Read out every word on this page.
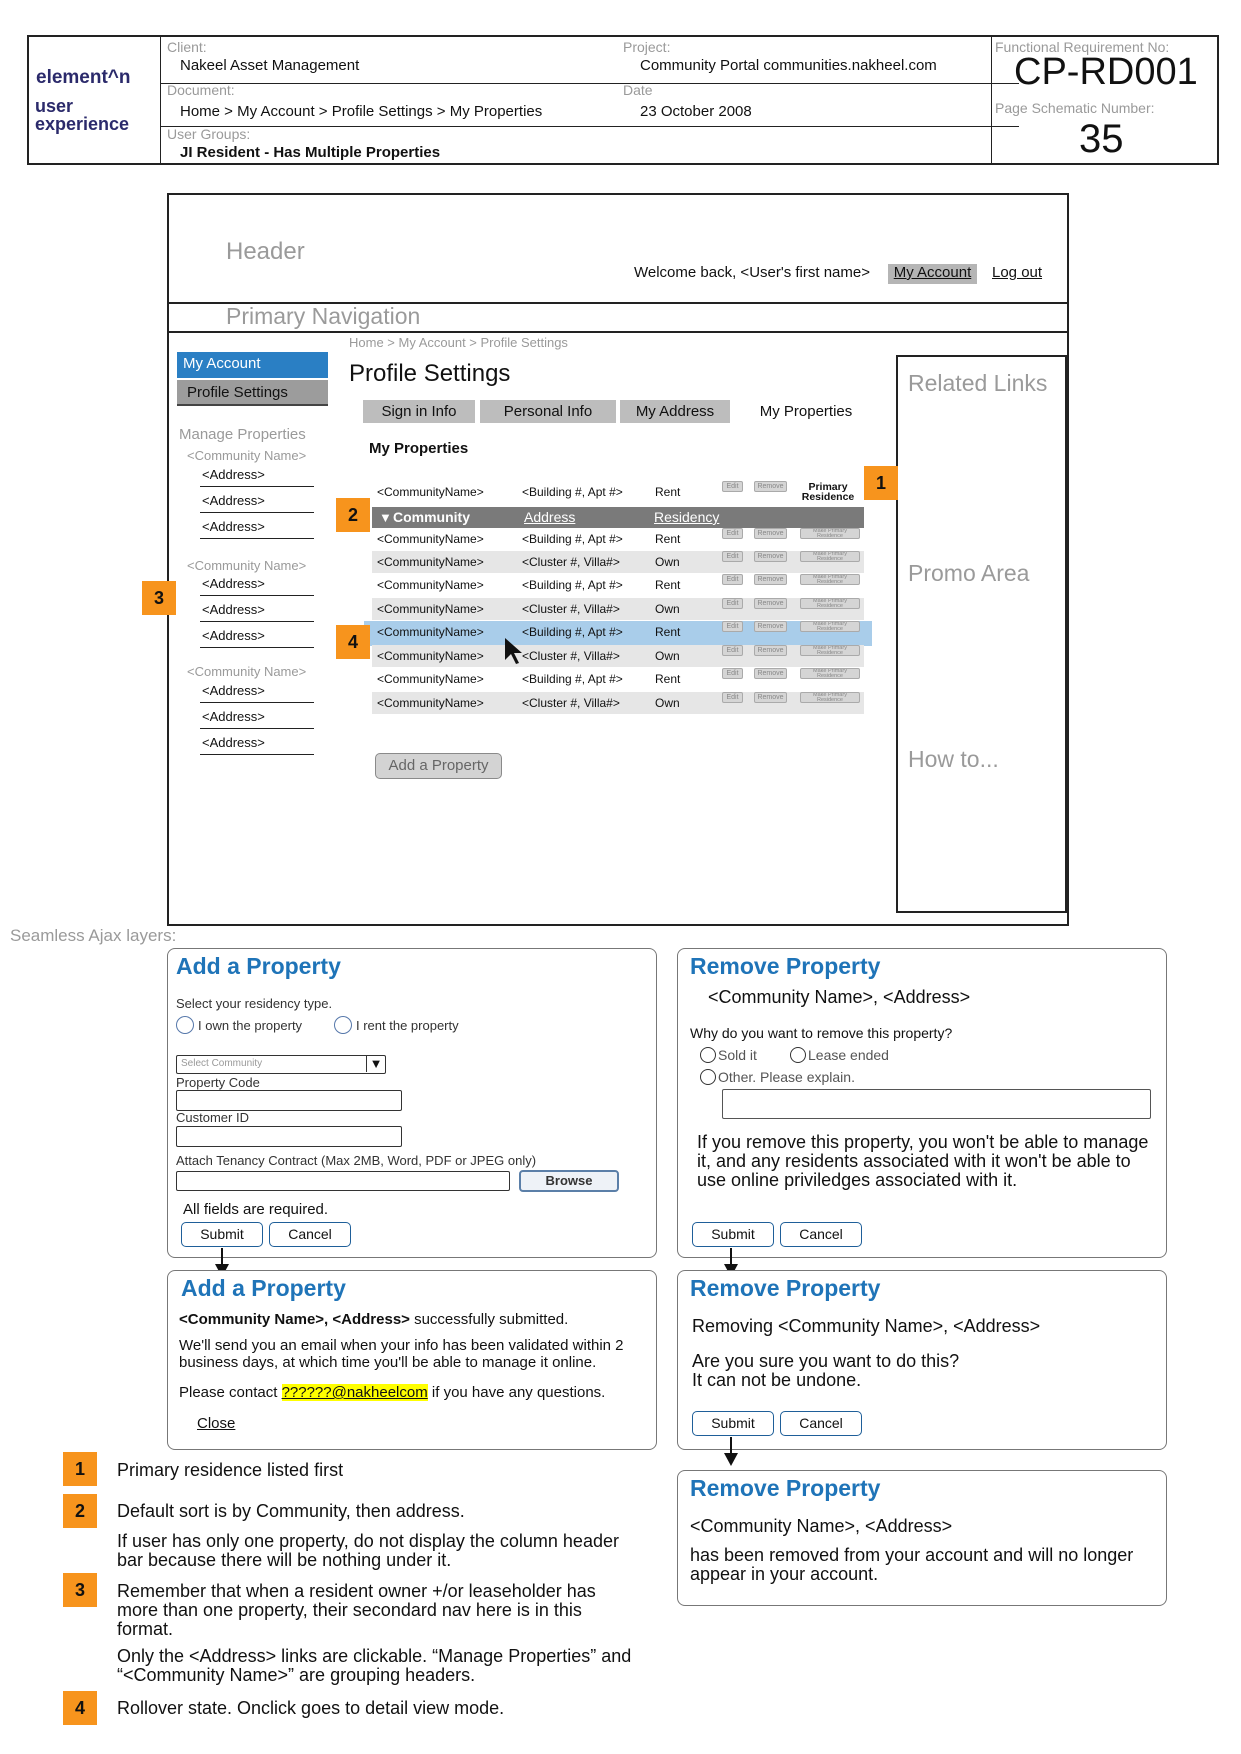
element^n
user
experience
Client:
Nakeel Asset Management
Project:
Community Portal communities.nakheel.com
Document:
Home > My Account > Profile Settings > My Properties
Date
23 October 2008
User Groups:
JI Resident - Has Multiple Properties
Functional Requirement No:
CP-RD001
Page Schematic Number:
35
Header
Welcome back, <User's first name>	My Account	Log out
Primary Navigation
Home > My Account > Profile Settings
My Account
Profile Settings
Manage Properties
<Community Name>
<Address>
<Address>
<Address>
<Community Name>
<Address>
<Address>
<Address>
<Community Name>
<Address>
<Address>
<Address>
Profile Settings
Sign in Info	Personal Info	My Address	My Properties
My Properties
<CommunityName>	<Building #, Apt #>	Rent	Edit	Remove	Primary Residence
▼ Community	Address	Residency
<CommunityName>	<Building #, Apt #>	Rent	Edit	Remove	Make Primary Residence
<CommunityName>	<Cluster #, Villa#>	Own	Edit	Remove	Make Primary Residence
<CommunityName>	<Building #, Apt #>	Rent	Edit	Remove	Make Primary Residence
<CommunityName>	<Cluster #, Villa#>	Own	Edit	Remove	Make Primary Residence
<CommunityName>	<Building #, Apt #>	Rent	Edit	Remove	Make Primary Residence
<CommunityName>	<Cluster #, Villa#>	Own	Edit	Remove	Make Primary Residence
<CommunityName>	<Building #, Apt #>	Rent	Edit	Remove	Make Primary Residence
<CommunityName>	<Cluster #, Villa#>	Own	Edit	Remove	Make Primary Residence
Add a Property
Related Links
Promo Area
How to...
1
2
3
4
Seamless Ajax layers:
Add a Property
Select your residency type.
I own the property	I rent the property
Select Community	▼
Property Code
Customer ID
Attach Tenancy Contract (Max 2MB, Word, PDF or JPEG only)
Browse
All fields are required.
Submit	Cancel
Add a Property
<Community Name>, <Address> successfully submitted.
We'll send you an email when your info has been validated within 2 business days, at which time you'll be able to manage it online.
Please contact ??????@nakheelcom if you have any questions.
Close
Remove Property
<Community Name>, <Address>
Why do you want to remove this property?
Sold it	Lease ended
Other. Please explain.
If you remove this property, you won't be able to manage it, and any residents associated with it won't be able to use online priviledges associated with it.
Submit	Cancel
Remove Property
Removing <Community Name>, <Address>
Are you sure you want to do this?
It can not be undone.
Submit	Cancel
Remove Property
<Community Name>, <Address>
has been removed from your account and will no longer appear in your account.
1	Primary residence listed first
2	Default sort is by Community, then address.
If user has only one property, do not display the column header bar because there will be nothing under it.
3	Remember that when a resident owner +/or leaseholder has more than one property, their secondard nav here is in this format.
Only the <Address> links are clickable. “Manage Properties” and “<Community Name>” are grouping headers.
4	Rollover state. Onclick goes to detail view mode.
